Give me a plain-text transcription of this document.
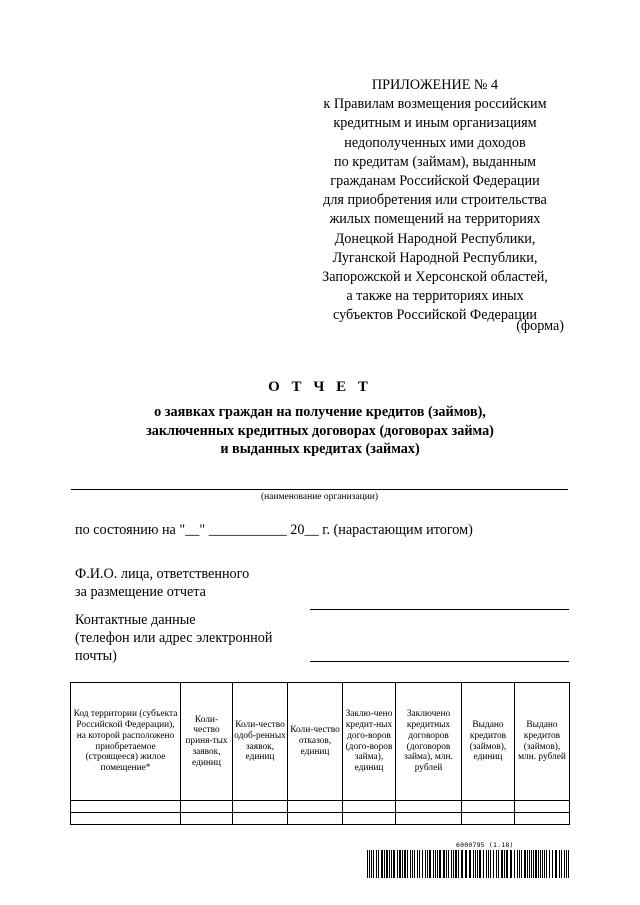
ПРИЛОЖЕНИЕ № 4
к Правилам возмещения российским
кредитным и иным организациям
недополученных ими доходов
по кредитам (займам), выданным
гражданам Российской Федерации
для приобретения или строительства
жилых помещений на территориях
Донецкой Народной Республики,
Луганской Народной Республики,
Запорожской и Херсонской областей,
а также на территориях иных
субъектов Российской Федерации
(форма)
О Т Ч Е Т
о заявках граждан на получение кредитов (займов),
заключенных кредитных договорах (договорах займа)
и выданных кредитах (займах)
(наименование организации)
по состоянию на "__" ___________ 20__ г. (нарастающим итогом)
Ф.И.О. лица, ответственного
за размещение отчета
Контактные данные
(телефон или адрес электронной
почты)
Код территории (субъекта Российской Федерации), на которой расположено приобретаемое (строящееся) жилое помещение*	Коли-чество приня-тых заявок, единиц	Коли-чество одоб-ренных заявок, единиц	Коли-чество отказов, единиц	Заклю-чено кредит-ных дого-воров (дого-воров займа), единиц	Заключено кредитных договоров (договоров займа), млн. рублей	Выдано кредитов (займов), единиц	Выдано кредитов (займов), млн. рублей

6000795 (1.18)
